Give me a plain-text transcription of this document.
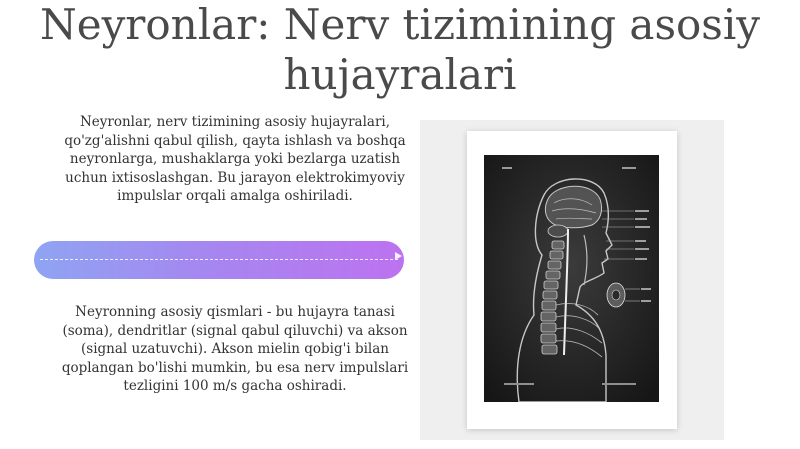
Neyronlar: Nerv tizimining asosiy hujayralari

Neyronlar, nerv tizimining asosiy hujayralari, qo'zg'alishni qabul qilish, qayta ishlash va boshqa neyronlarga, mushaklarga yoki bezlarga uzatish uchun ixtisoslashgan. Bu jarayon elektrokimyoviy impulslar orqali amalga oshiriladi.

Neyronning asosiy qismlari - bu hujayra tanasi (soma), dendritlar (signal qabul qiluvchi) va akson (signal uzatuvchi). Akson mielin qobig'i bilan qoplangan bo'lishi mumkin, bu esa nerv impulslari tezligini 100 m/s gacha oshiradi.
